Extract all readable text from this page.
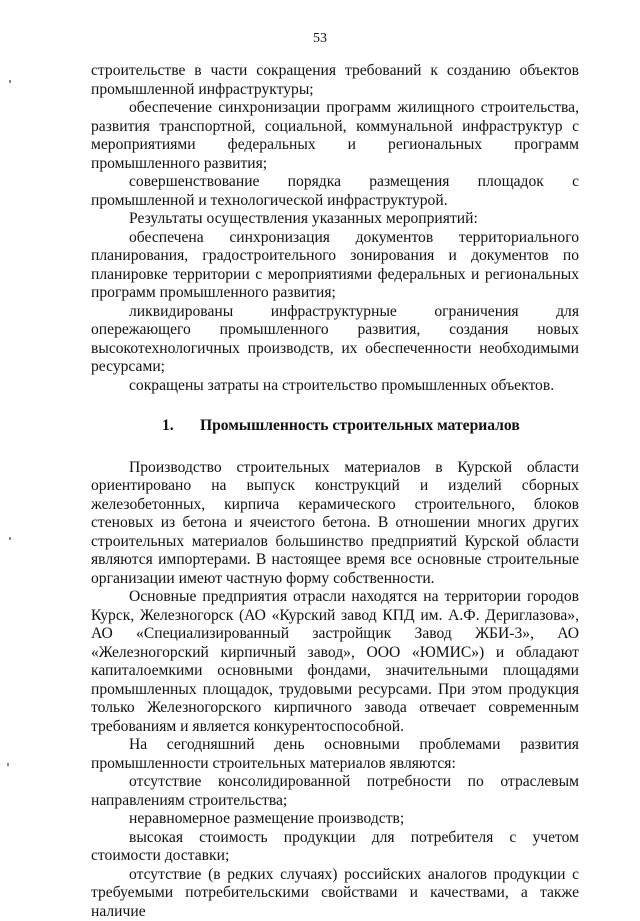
53

строительстве в части сокращения требований к созданию объектов промышленной инфраструктуры;

обеспечение синхронизации программ жилищного строительства, развития транспортной, социальной, коммунальной инфраструктур с мероприятиями федеральных и региональных программ промышленного развития;

совершенствование порядка размещения площадок с промышленной и технологической инфраструктурой.

Результаты осуществления указанных мероприятий:

обеспечена синхронизация документов территориального планирования, градостроительного зонирования и документов по планировке территории с мероприятиями федеральных и региональных программ промышленного развития;

ликвидированы инфраструктурные ограничения для опережающего промышленного развития, создания новых высокотехнологичных производств, их обеспеченности необходимыми ресурсами;

сокращены затраты на строительство промышленных объектов.

1. Промышленность строительных материалов

Производство строительных материалов в Курской области ориентировано на выпуск конструкций и изделий сборных железобетонных, кирпича керамического строительного, блоков стеновых из бетона и ячеистого бетона. В отношении многих других строительных материалов большинство предприятий Курской области являются импортерами. В настоящее время все основные строительные организации имеют частную форму собственности.

Основные предприятия отрасли находятся на территории городов Курск, Железногорск (АО «Курский завод КПД им. А.Ф. Дериглазова», АО «Специализированный застройщик Завод ЖБИ-3», АО «Железногорский кирпичный завод», ООО «ЮМИС») и обладают капиталоемкими основными фондами, значительными площадями промышленных площадок, трудовыми ресурсами. При этом продукция только Железногорского кирпичного завода отвечает современным требованиям и является конкурентоспособной.

На сегодняшний день основными проблемами развития промышленности строительных материалов являются:

отсутствие консолидированной потребности по отраслевым направлениям строительства;

неравномерное размещение производств;

высокая стоимость продукции для потребителя с учетом стоимости доставки;

отсутствие (в редких случаях) российских аналогов продукции с требуемыми потребительскими свойствами и качествами, а также наличие
